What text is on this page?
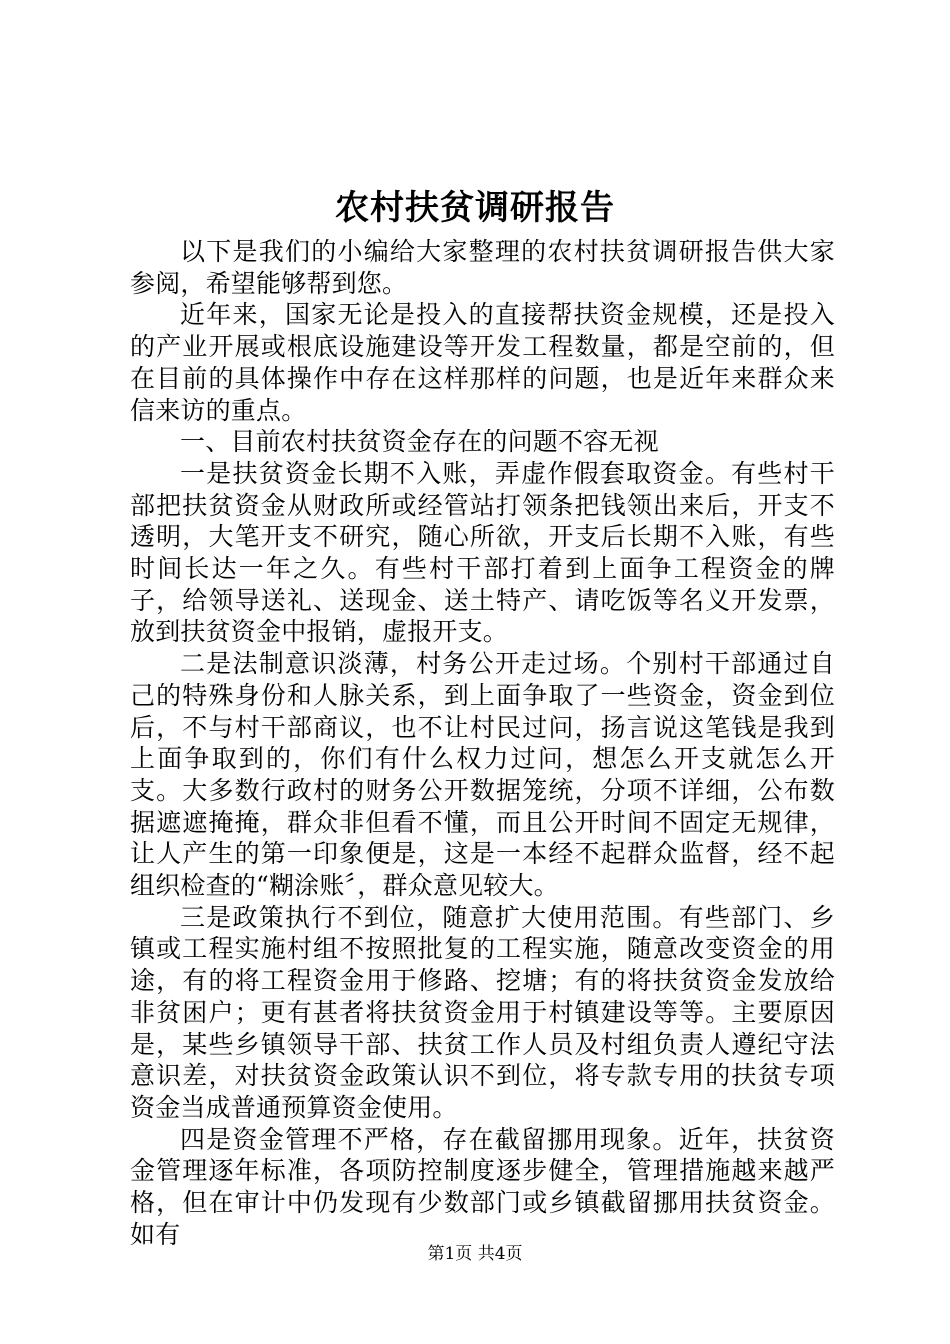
农村扶贫调研报告

以下是我们的小编给大家整理的农村扶贫调研报告供大家参阅，希望能够帮到您。

近年来，国家无论是投入的直接帮扶资金规模，还是投入的产业开展或根底设施建设等开发工程数量，都是空前的，但在目前的具体操作中存在这样那样的问题，也是近年来群众来信来访的重点。

一、目前农村扶贫资金存在的问题不容无视

一是扶贫资金长期不入账，弄虚作假套取资金。有些村干部把扶贫资金从财政所或经管站打领条把钱领出来后，开支不透明，大笔开支不研究，随心所欲，开支后长期不入账，有些时间长达一年之久。有些村干部打着到上面争工程资金的牌子，给领导送礼、送现金、送土特产、请吃饭等名义开发票，放到扶贫资金中报销，虚报开支。

二是法制意识淡薄，村务公开走过场。个别村干部通过自己的特殊身份和人脉关系，到上面争取了一些资金，资金到位后，不与村干部商议，也不让村民过问，扬言说这笔钱是我到上面争取到的，你们有什么权力过问，想怎么开支就怎么开支。大多数行政村的财务公开数据笼统，分项不详细，公布数据遮遮掩掩，群众非但看不懂，而且公开时间不固定无规律，让人产生的第一印象便是，这是一本经不起群众监督，经不起组织检查的“糊涂账〞，群众意见较大。

三是政策执行不到位，随意扩大使用范围。有些部门、乡镇或工程实施村组不按照批复的工程实施，随意改变资金的用途，有的将工程资金用于修路、挖塘；有的将扶贫资金发放给非贫困户；更有甚者将扶贫资金用于村镇建设等等。主要原因是，某些乡镇领导干部、扶贫工作人员及村组负责人遵纪守法意识差，对扶贫资金政策认识不到位，将专款专用的扶贫专项资金当成普通预算资金使用。

四是资金管理不严格，存在截留挪用现象。近年，扶贫资金管理逐年标准，各项防控制度逐步健全，管理措施越来越严格，但在审计中仍发现有少数部门或乡镇截留挪用扶贫资金。如有

第1页 共4页
